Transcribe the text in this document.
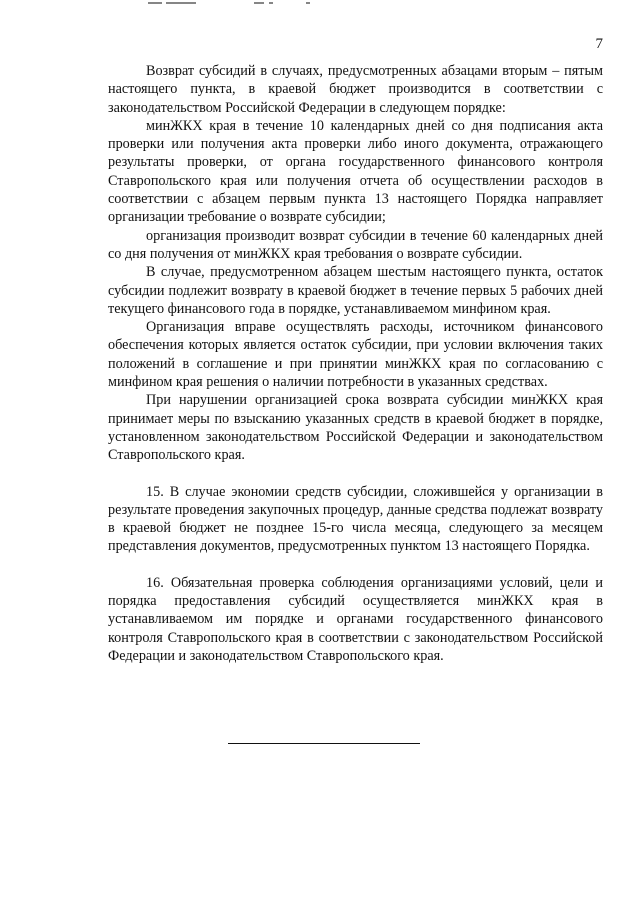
7

Возврат субсидий в случаях, предусмотренных абзацами вторым – пятым настоящего пункта, в краевой бюджет производится в соответствии с законодательством Российской Федерации в следующем порядке:

минЖКХ края в течение 10 календарных дней со дня подписания акта проверки или получения акта проверки либо иного документа, отражающего результаты проверки, от органа государственного финансового контроля Ставропольского края или получения отчета об осуществлении расходов в соответствии с абзацем первым пункта 13 настоящего Порядка направляет организации требование о возврате субсидии;

организация производит возврат субсидии в течение 60 календарных дней со дня получения от минЖКХ края требования о возврате субсидии.

В случае, предусмотренном абзацем шестым настоящего пункта, остаток субсидии подлежит возврату в краевой бюджет в течение первых 5 рабочих дней текущего финансового года в порядке, устанавливаемом минфином края.

Организация вправе осуществлять расходы, источником финансового обеспечения которых является остаток субсидии, при условии включения таких положений в соглашение и при принятии минЖКХ края по согласованию с минфином края решения о наличии потребности в указанных средствах.

При нарушении организацией срока возврата субсидии минЖКХ края принимает меры по взысканию указанных средств в краевой бюджет в порядке, установленном законодательством Российской Федерации и законодательством Ставропольского края.

15. В случае экономии средств субсидии, сложившейся у организации в результате проведения закупочных процедур, данные средства подлежат возврату в краевой бюджет не позднее 15-го числа месяца, следующего за месяцем представления документов, предусмотренных пунктом 13 настоящего Порядка.

16. Обязательная проверка соблюдения организациями условий, цели и порядка предоставления субсидий осуществляется минЖКХ края в устанавливаемом им порядке и органами государственного финансового контроля Ставропольского края в соответствии с законодательством Российской Федерации и законодательством Ставропольского края.
